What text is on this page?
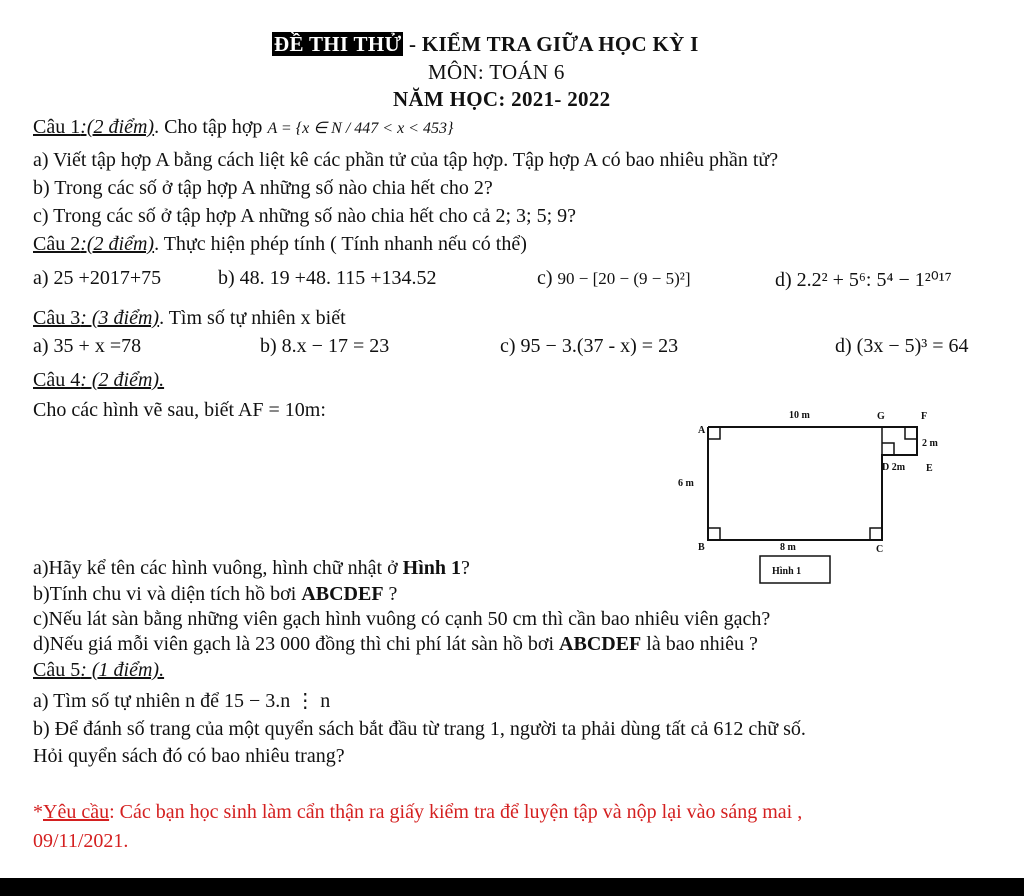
ĐỀ THI THỬ - KIỂM TRA GIỮA HỌC KỲ I
MÔN: TOÁN 6
NĂM HỌC: 2021- 2022
Câu 1:(2 điểm). Cho tập hợp A = {x ∈ N / 447 < x < 453}
a) Viết tập hợp A bằng cách liệt kê các phần tử của tập hợp. Tập hợp A có bao nhiêu phần tử?
b) Trong các số ở tập hợp A những số nào chia hết cho 2?
c) Trong các số ở tập hợp A những số nào chia hết cho cả 2; 3; 5; 9?
Câu 2:(2 điểm). Thực hiện phép tính ( Tính nhanh nếu có thể)
a) 25 +2017+75	b) 48. 19 +48. 115 +134.52	c) 90 − [20 − (9 − 5)²]	d) 2.2² + 5⁶: 5⁴ − 1²⁰¹⁷
Câu 3: (3 điểm). Tìm số tự nhiên x biết
a) 35 + x =78	b) 8.x − 17 = 23	c) 95 − 3.(37 - x) = 23	d) (3x − 5)³ = 64
Câu 4: (2 điểm).
Cho các hình vẽ sau, biết AF = 10m:	10 m	G	F
A
2 m
D 2m E
6 m
B	8 m	C
Hình 1
a)Hãy kể tên các hình vuông, hình chữ nhật ở Hình 1?
b)Tính chu vi và diện tích hồ bơi ABCDEF ?
c)Nếu lát sàn bằng những viên gạch hình vuông có cạnh 50 cm thì cần bao nhiêu viên gạch?
d)Nếu giá mỗi viên gạch là 23 000 đồng thì chi phí lát sàn hồ bơi ABCDEF là bao nhiêu ?
Câu 5: (1 điểm).
a) Tìm số tự nhiên n để 15 − 3.n ⋮ n
b) Để đánh số trang của một quyển sách bắt đầu từ trang 1, người ta phải dùng tất cả 612 chữ số.
Hỏi quyển sách đó có bao nhiêu trang?
*Yêu cầu: Các bạn học sinh làm cẩn thận ra giấy kiểm tra để luyện tập và nộp lại vào sáng mai ,
09/11/2021.
